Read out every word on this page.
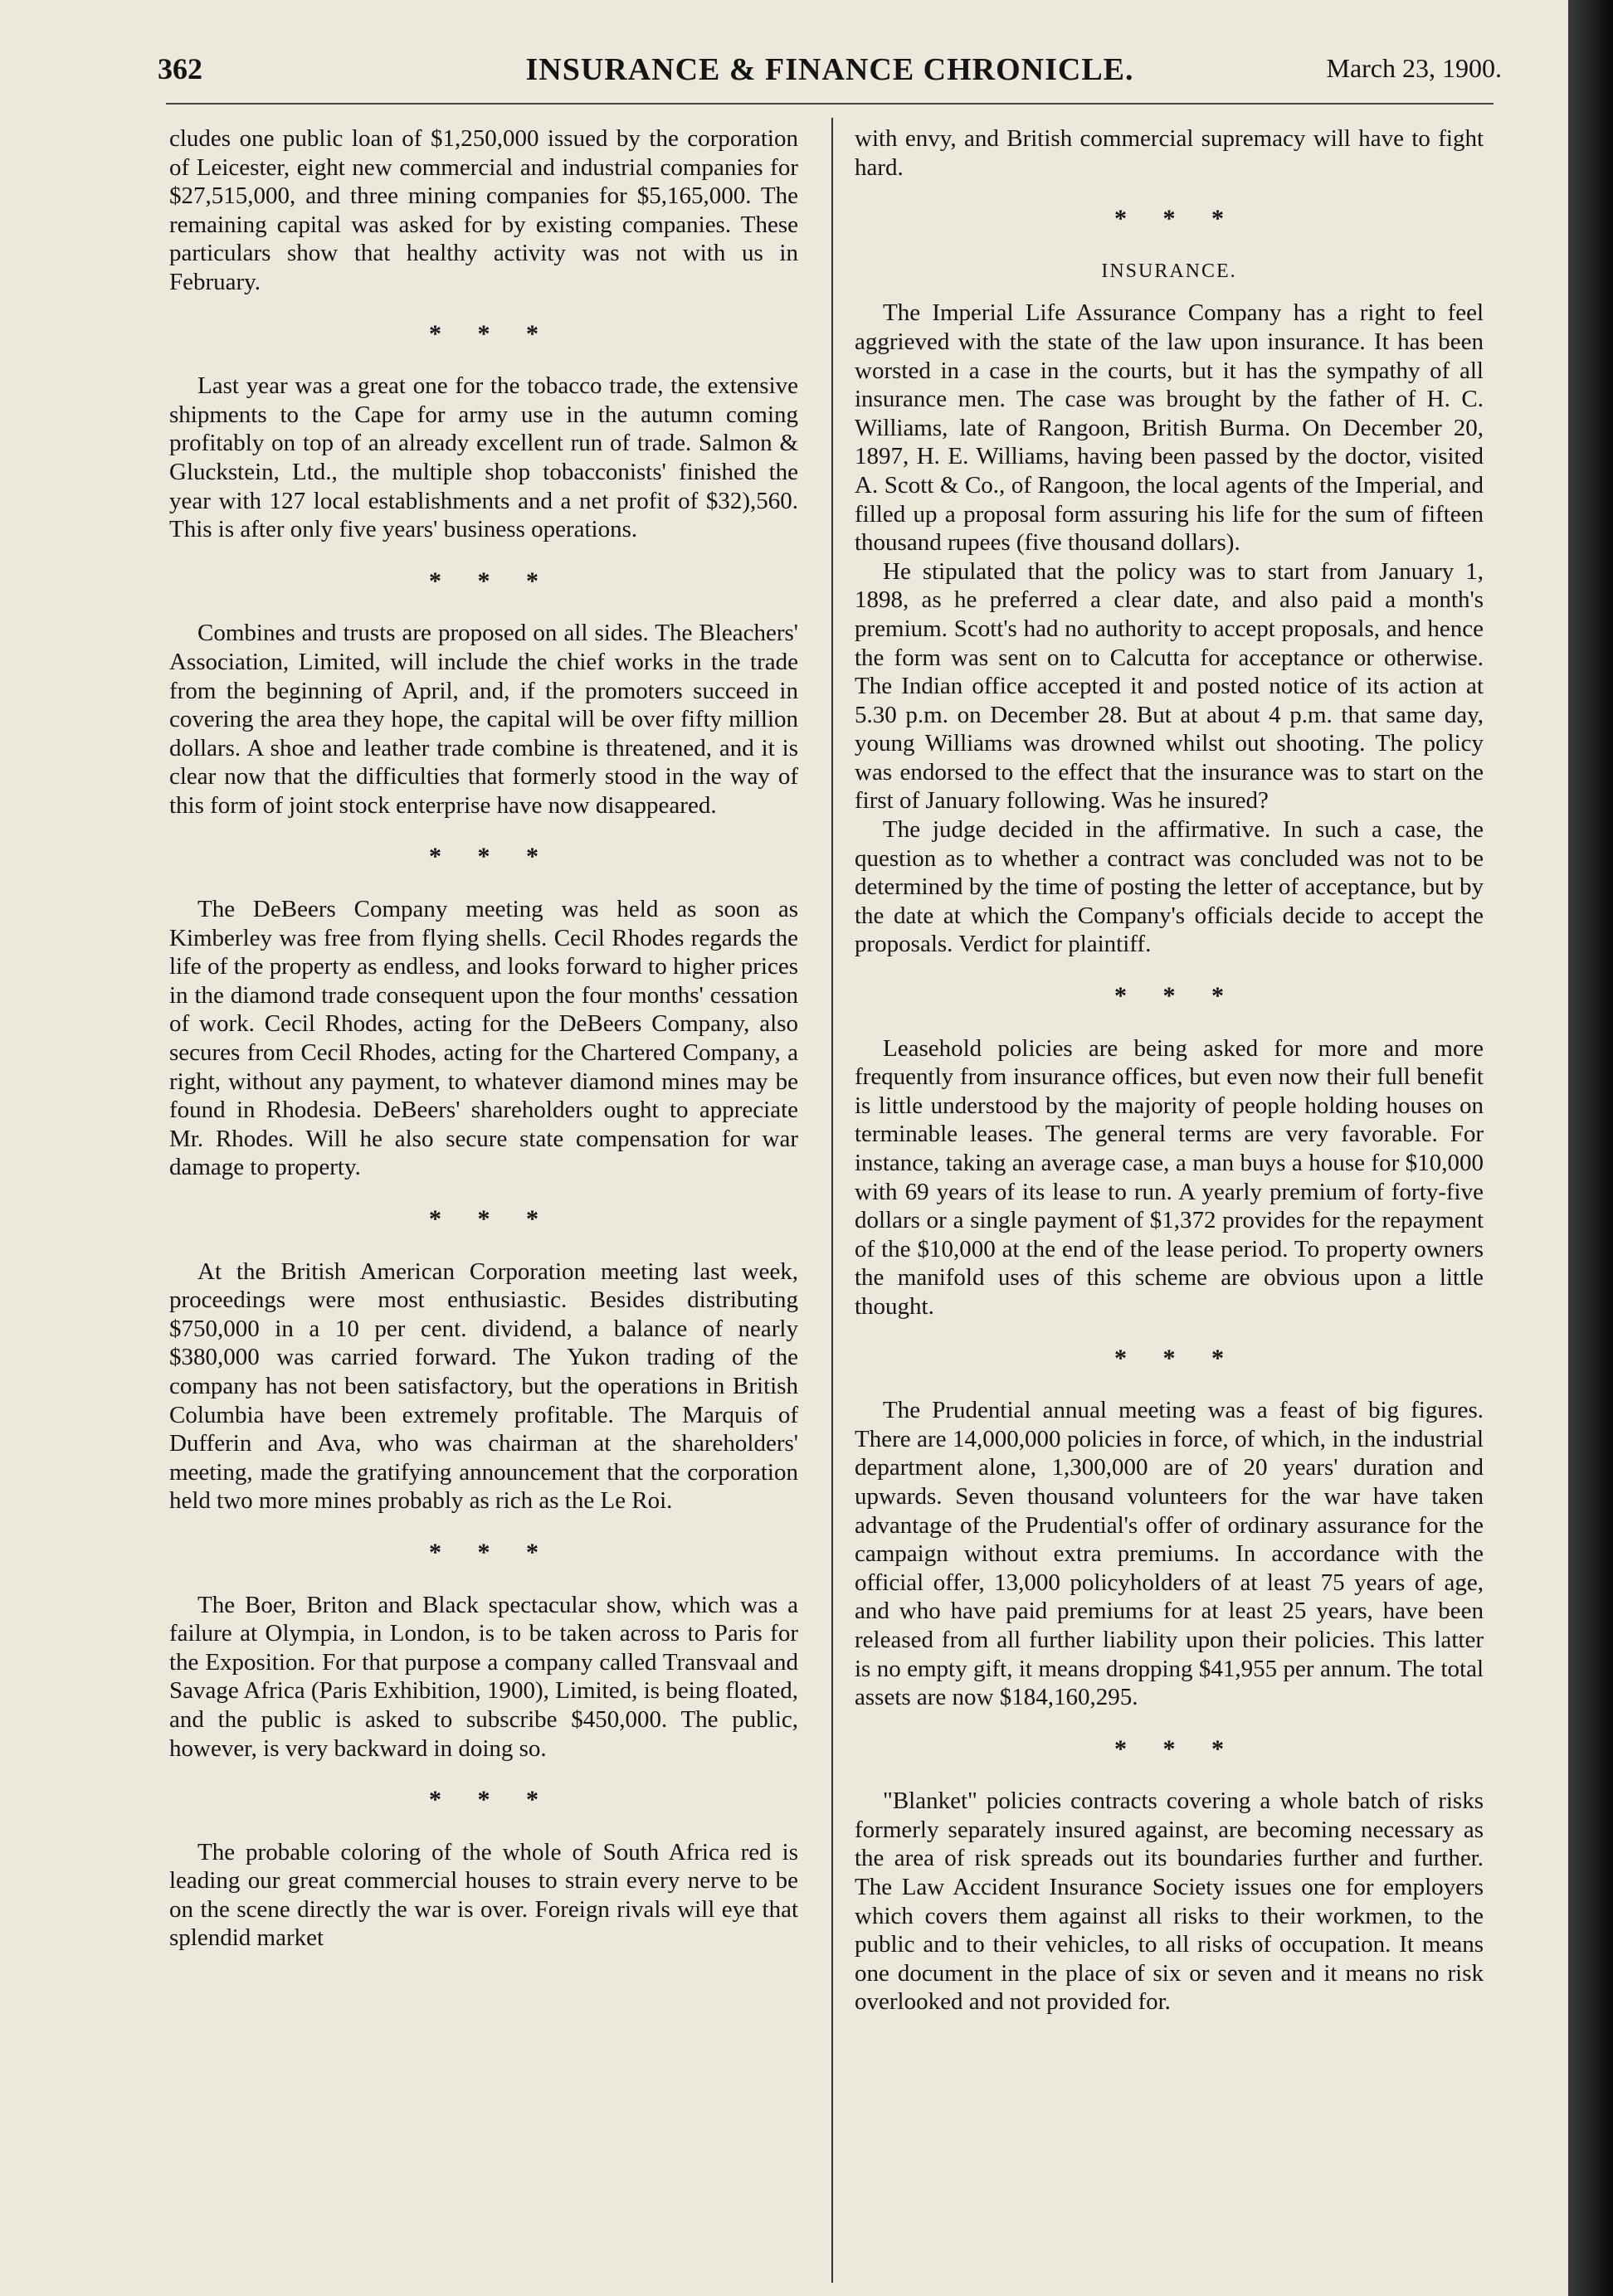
362	INSURANCE & FINANCE CHRONICLE.	March 23, 1900.

cludes one public loan of $1,250,000 issued by the corporation of Leicester, eight new commercial and industrial companies for $27,515,000, and three mining companies for $5,165,000. The remaining capital was asked for by existing companies. These particulars show that healthy activity was not with us in February.

* * *

Last year was a great one for the tobacco trade, the extensive shipments to the Cape for army use in the autumn coming profitably on top of an already excellent run of trade. Salmon & Gluckstein, Ltd., the multiple shop tobacconists' finished the year with 127 local establishments and a net profit of $32),560. This is after only five years' business operations.

* * *

Combines and trusts are proposed on all sides. The Bleachers' Association, Limited, will include the chief works in the trade from the beginning of April, and, if the promoters succeed in covering the area they hope, the capital will be over fifty million dollars. A shoe and leather trade combine is threatened, and it is clear now that the difficulties that formerly stood in the way of this form of joint stock enterprise have now disappeared.

* * *

The DeBeers Company meeting was held as soon as Kimberley was free from flying shells. Cecil Rhodes regards the life of the property as endless, and looks forward to higher prices in the diamond trade consequent upon the four months' cessation of work. Cecil Rhodes, acting for the DeBeers Company, also secures from Cecil Rhodes, acting for the Chartered Company, a right, without any payment, to whatever diamond mines may be found in Rhodesia. DeBeers' shareholders ought to appreciate Mr. Rhodes. Will he also secure state compensation for war damage to property.

* * *

At the British American Corporation meeting last week, proceedings were most enthusiastic. Besides distributing $750,000 in a 10 per cent. dividend, a balance of nearly $380,000 was carried forward. The Yukon trading of the company has not been satisfactory, but the operations in British Columbia have been extremely profitable. The Marquis of Dufferin and Ava, who was chairman at the shareholders' meeting, made the gratifying announcement that the corporation held two more mines probably as rich as the Le Roi.

* * *

The Boer, Briton and Black spectacular show, which was a failure at Olympia, in London, is to be taken across to Paris for the Exposition. For that purpose a company called Transvaal and Savage Africa (Paris Exhibition, 1900), Limited, is being floated, and the public is asked to subscribe $450,000. The public, however, is very backward in doing so.

* * *

The probable coloring of the whole of South Africa red is leading our great commercial houses to strain every nerve to be on the scene directly the war is over. Foreign rivals will eye that splendid market

with envy, and British commercial supremacy will have to fight hard.

* * *
INSURANCE.

The Imperial Life Assurance Company has a right to feel aggrieved with the state of the law upon insurance. It has been worsted in a case in the courts, but it has the sympathy of all insurance men. The case was brought by the father of H. C. Williams, late of Rangoon, British Burma. On December 20, 1897, H. E. Williams, having been passed by the doctor, visited A. Scott & Co., of Rangoon, the local agents of the Imperial, and filled up a proposal form assuring his life for the sum of fifteen thousand rupees (five thousand dollars).

He stipulated that the policy was to start from January 1, 1898, as he preferred a clear date, and also paid a month's premium. Scott's had no authority to accept proposals, and hence the form was sent on to Calcutta for acceptance or otherwise. The Indian office accepted it and posted notice of its action at 5.30 p.m. on December 28. But at about 4 p.m. that same day, young Williams was drowned whilst out shooting. The policy was endorsed to the effect that the insurance was to start on the first of January following. Was he insured?

The judge decided in the affirmative. In such a case, the question as to whether a contract was concluded was not to be determined by the time of posting the letter of acceptance, but by the date at which the Company's officials decide to accept the proposals. Verdict for plaintiff.

* * *

Leasehold policies are being asked for more and more frequently from insurance offices, but even now their full benefit is little understood by the majority of people holding houses on terminable leases. The general terms are very favorable. For instance, taking an average case, a man buys a house for $10,000 with 69 years of its lease to run. A yearly premium of forty-five dollars or a single payment of $1,372 provides for the repayment of the $10,000 at the end of the lease period. To property owners the manifold uses of this scheme are obvious upon a little thought.

* * *

The Prudential annual meeting was a feast of big figures. There are 14,000,000 policies in force, of which, in the industrial department alone, 1,300,000 are of 20 years' duration and upwards. Seven thousand volunteers for the war have taken advantage of the Prudential's offer of ordinary assurance for the campaign without extra premiums. In accordance with the official offer, 13,000 policyholders of at least 75 years of age, and who have paid premiums for at least 25 years, have been released from all further liability upon their policies. This latter is no empty gift, it means dropping $41,955 per annum. The total assets are now $184,160,295.

* * *

"Blanket" policies contracts covering a whole batch of risks formerly separately insured against, are becoming necessary as the area of risk spreads out its boundaries further and further. The Law Accident Insurance Society issues one for employers which covers them against all risks to their workmen, to the public and to their vehicles, to all risks of occupation. It means one document in the place of six or seven and it means no risk overlooked and not provided for.
